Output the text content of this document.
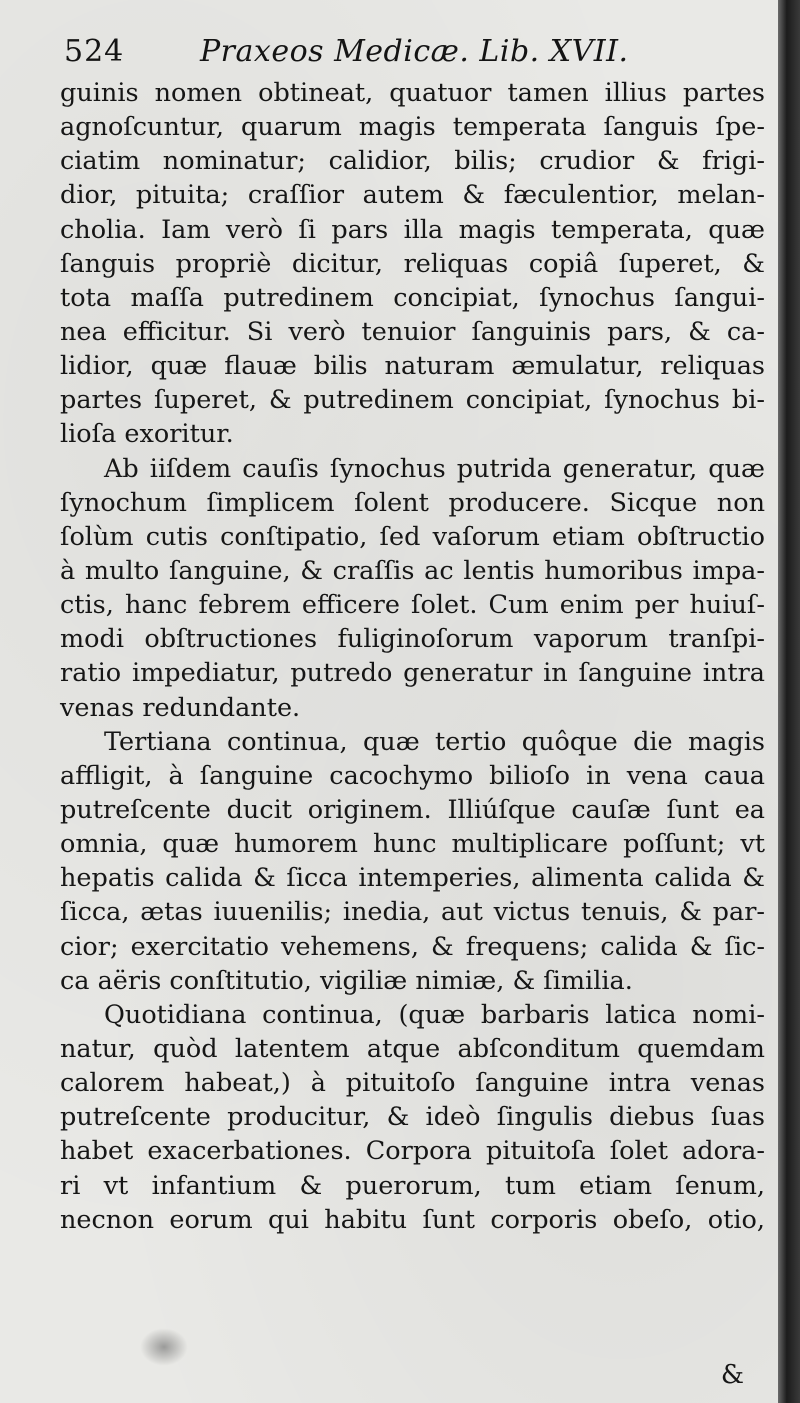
524	Praxeos Medicæ. Lib. XVII.
guinis nomen obtineat, quatuor tamen illius partes
agnoſcuntur, quarum magis temperata ſanguis ſpe-
ciatim nominatur; calidior, bilis; crudior & frigi-
dior, pituita; craſſior autem & fæculentior, melan-
cholia. Iam verò ſi pars illa magis temperata, quæ
ſanguis propriè dicitur, reliquas copiâ ſuperet, &
tota maſſa putredinem concipiat, ſynochus ſangui-
nea efficitur. Si verò tenuior ſanguinis pars, & ca-
lidior, quæ flauæ bilis naturam æmulatur, reliquas
partes ſuperet, & putredinem concipiat, ſynochus bi-
lioſa exoritur.
Ab iiſdem cauſis ſynochus putrida generatur, quæ
ſynochum ſimplicem ſolent producere. Sicque non
ſolùm cutis conſtipatio, ſed vaſorum etiam obſtructio
à multo ſanguine, & craſſis ac lentis humoribus impa-
ctis, hanc febrem efficere ſolet. Cum enim per huiuſ-
modi obſtructiones fuliginoſorum vaporum tranſpi-
ratio impediatur, putredo generatur in ſanguine intra
venas redundante.
Tertiana continua, quæ tertio quôque die magis
affligit, à ſanguine cacochymo bilioſo in vena caua
putreſcente ducit originem. Illiúſque cauſæ ſunt ea
omnia, quæ humorem hunc multiplicare poſſunt; vt
hepatis calida & ſicca intemperies, alimenta calida &
ſicca, ætas iuuenilis; inedia, aut victus tenuis, & par-
cior; exercitatio vehemens, & frequens; calida & ſic-
ca aëris conſtitutio, vigiliæ nimiæ, & ſimilia.
Quotidiana continua, (quæ barbaris latica nomi-
natur, quòd latentem atque abſconditum quemdam
calorem habeat,) à pituitoſo ſanguine intra venas
putreſcente producitur, & ideò ſingulis diebus ſuas
habet exacerbationes. Corpora pituitoſa ſolet adora-
ri vt infantium & puerorum, tum etiam ſenum,
necnon eorum qui habitu ſunt corporis obeſo, otio,
&
